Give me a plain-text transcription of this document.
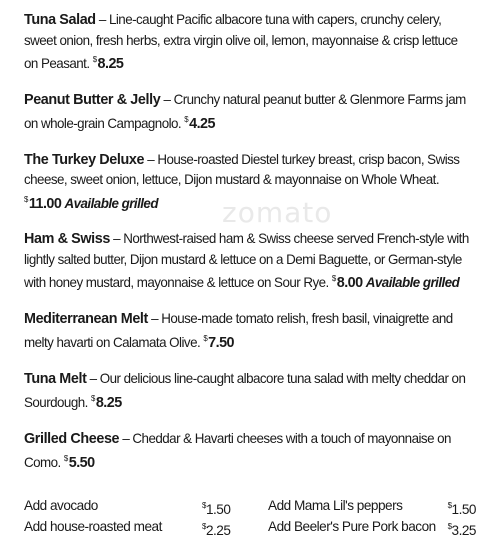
zomato

Tuna Salad – Line-caught Pacific albacore tuna with capers, crunchy celery, sweet onion, fresh herbs, extra virgin olive oil, lemon, mayonnaise & crisp lettuce on Peasant. $8.25

Peanut Butter & Jelly – Crunchy natural peanut butter & Glenmore Farms jam on whole-grain Campagnolo. $4.25

The Turkey Deluxe – House-roasted Diestel turkey breast, crisp bacon, Swiss cheese, sweet onion, lettuce, Dijon mustard & mayonnaise on Whole Wheat. $11.00 Available grilled

Ham & Swiss – Northwest-raised ham & Swiss cheese served French-style with lightly salted butter, Dijon mustard & lettuce on a Demi Baguette, or German-style with honey mustard, mayonnaise & lettuce on Sour Rye. $8.00 Available grilled

Mediterranean Melt – House-made tomato relish, fresh basil, vinaigrette and melty havarti on Calamata Olive. $7.50

Tuna Melt – Our delicious line-caught albacore tuna salad with melty cheddar on Sourdough. $8.25

Grilled Cheese – Cheddar & Havarti cheeses with a touch of mayonnaise on Como. $5.50

Add avocado	$1.50	Add Mama Lil's peppers	$1.50
Add house-roasted meat	$2.25	Add Beeler's Pure Pork bacon	$3.25
